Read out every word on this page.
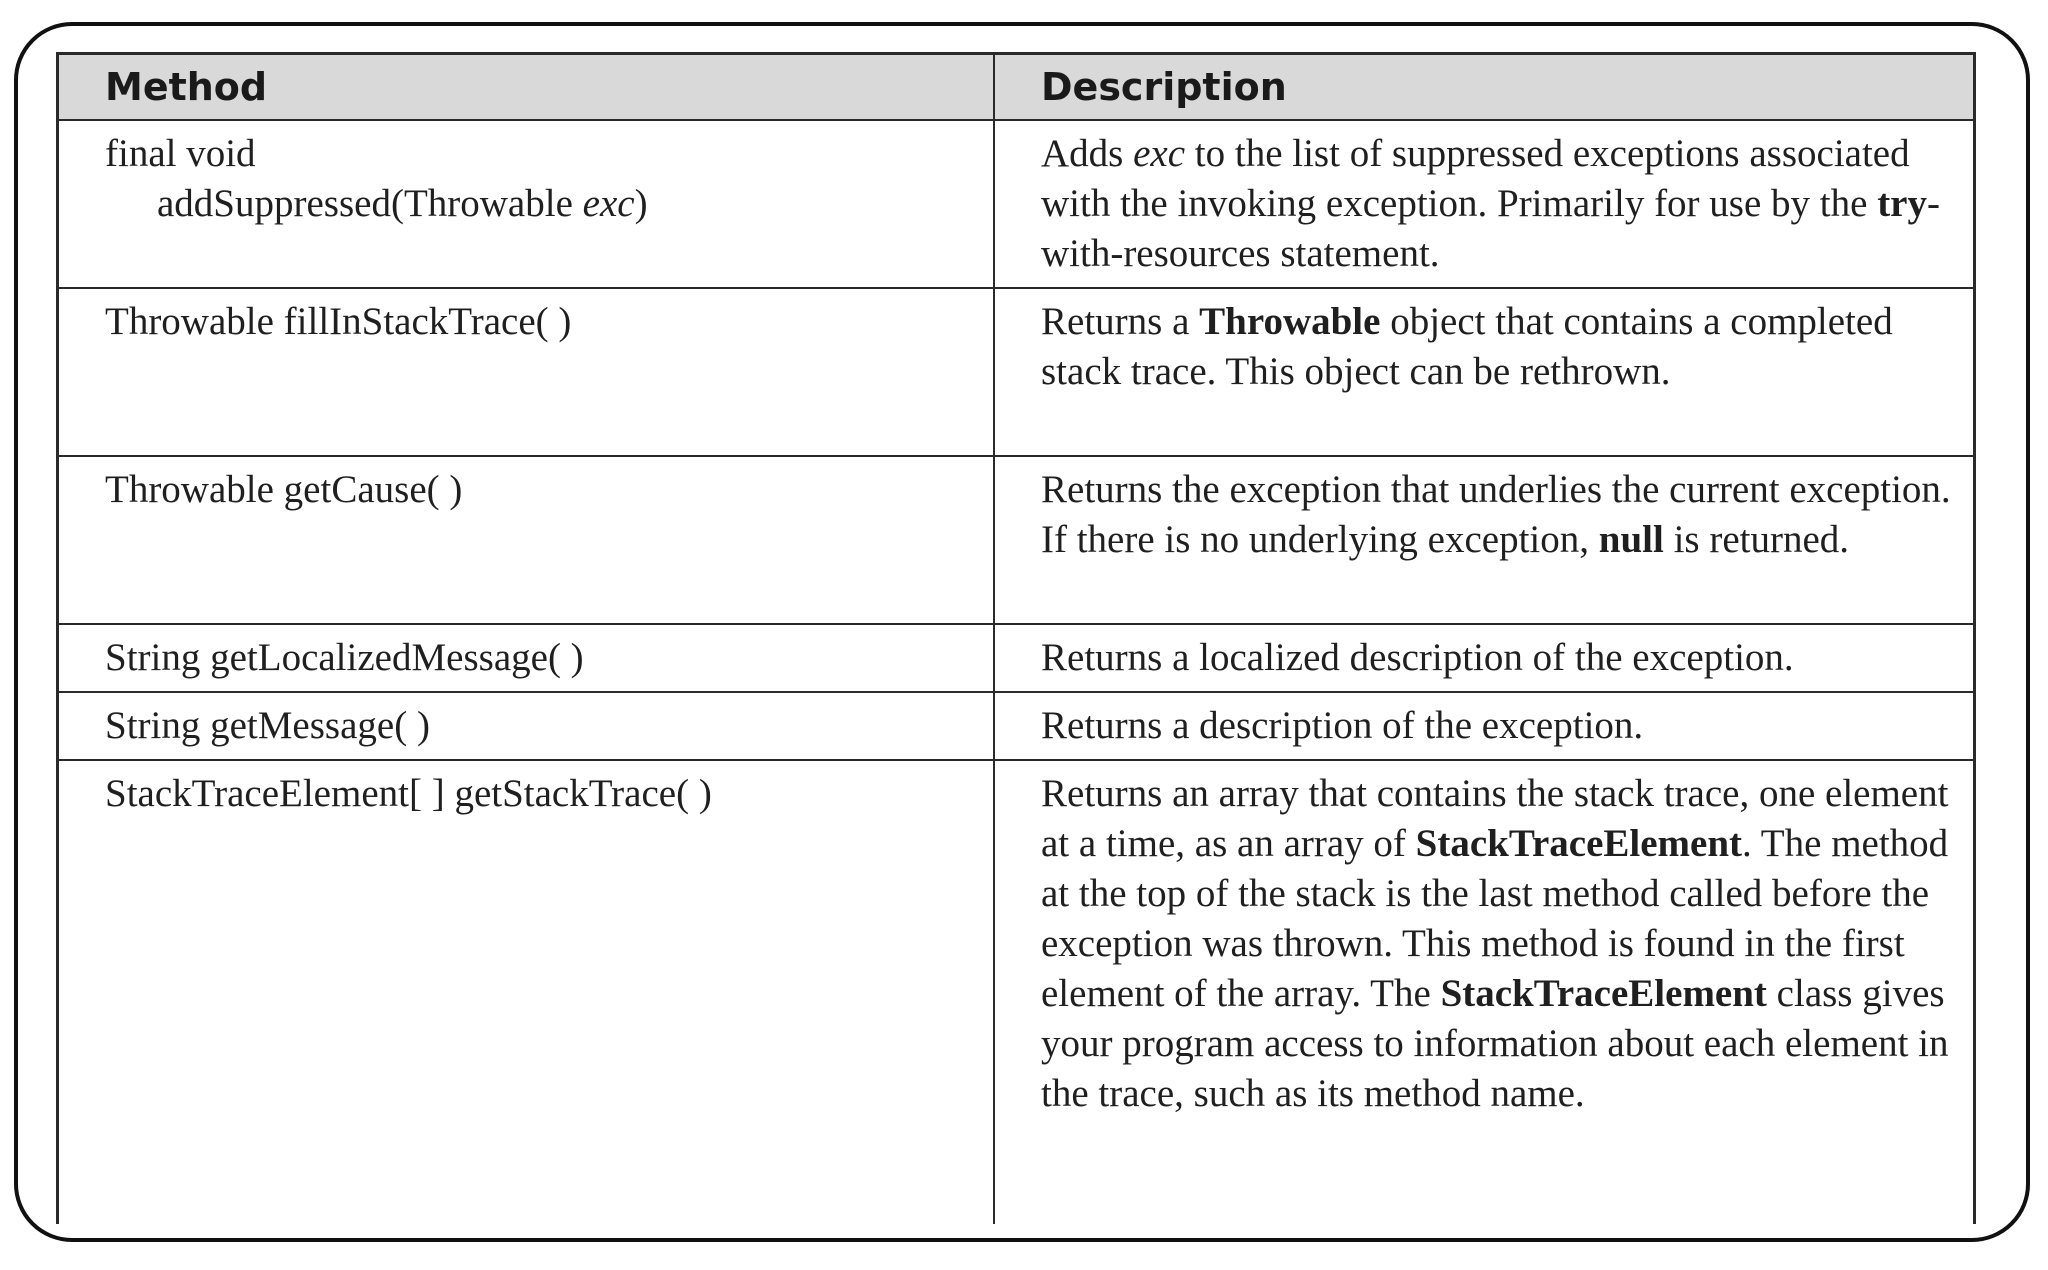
Method	Description

final void
addSuppressed(Throwable exc)	Adds exc to the list of suppressed exceptions associated with the invoking exception. Primarily for use by the try-with-resources statement.
Throwable fillInStackTrace( )	Returns a Throwable object that contains a completed stack trace. This object can be rethrown.
Throwable getCause( )	Returns the exception that underlies the current exception. If there is no underlying exception, null is returned.
String getLocalizedMessage( )	Returns a localized description of the exception.
String getMessage( )	Returns a description of the exception.
StackTraceElement[ ] getStackTrace( )	Returns an array that contains the stack trace, one element at a time, as an array of StackTraceElement. The method at the top of the stack is the last method called before the exception was thrown. This method is found in the first element of the array. The StackTraceElement class gives your program access to information about each element in the trace, such as its method name.
